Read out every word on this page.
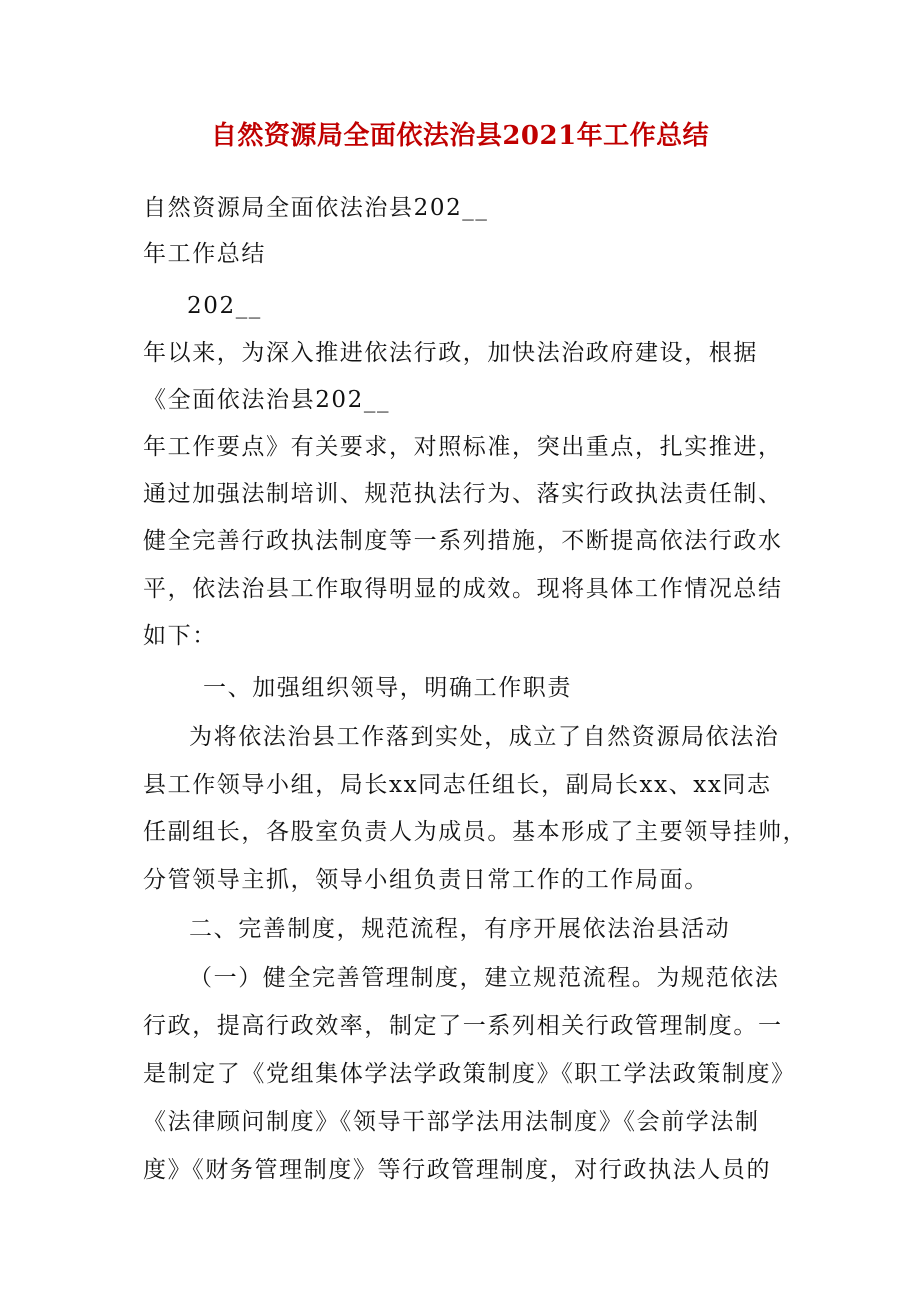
自然资源局全面依法治县2021年工作总结
自然资源局全面依法治县202__
年工作总结
202__
年以来，为深入推进依法行政，加快法治政府建设，根据
《全面依法治县202__
年工作要点》有关要求，对照标准，突出重点，扎实推进，
通过加强法制培训、规范执法行为、落实行政执法责任制、
健全完善行政执法制度等一系列措施，不断提高依法行政水
平，依法治县工作取得明显的成效。现将具体工作情况总结
如下：
一、加强组织领导，明确工作职责
为将依法治县工作落到实处，成立了自然资源局依法治
县工作领导小组，局长xx同志任组长，副局长xx、xx同志
任副组长，各股室负责人为成员。基本形成了主要领导挂帅，
分管领导主抓，领导小组负责日常工作的工作局面。
二、完善制度，规范流程，有序开展依法治县活动
（一）健全完善管理制度，建立规范流程。为规范依法
行政，提高行政效率，制定了一系列相关行政管理制度。一
是制定了《党组集体学法学政策制度》《职工学法政策制度》
《法律顾问制度》《领导干部学法用法制度》《会前学法制
度》《财务管理制度》等行政管理制度，对行政执法人员的
